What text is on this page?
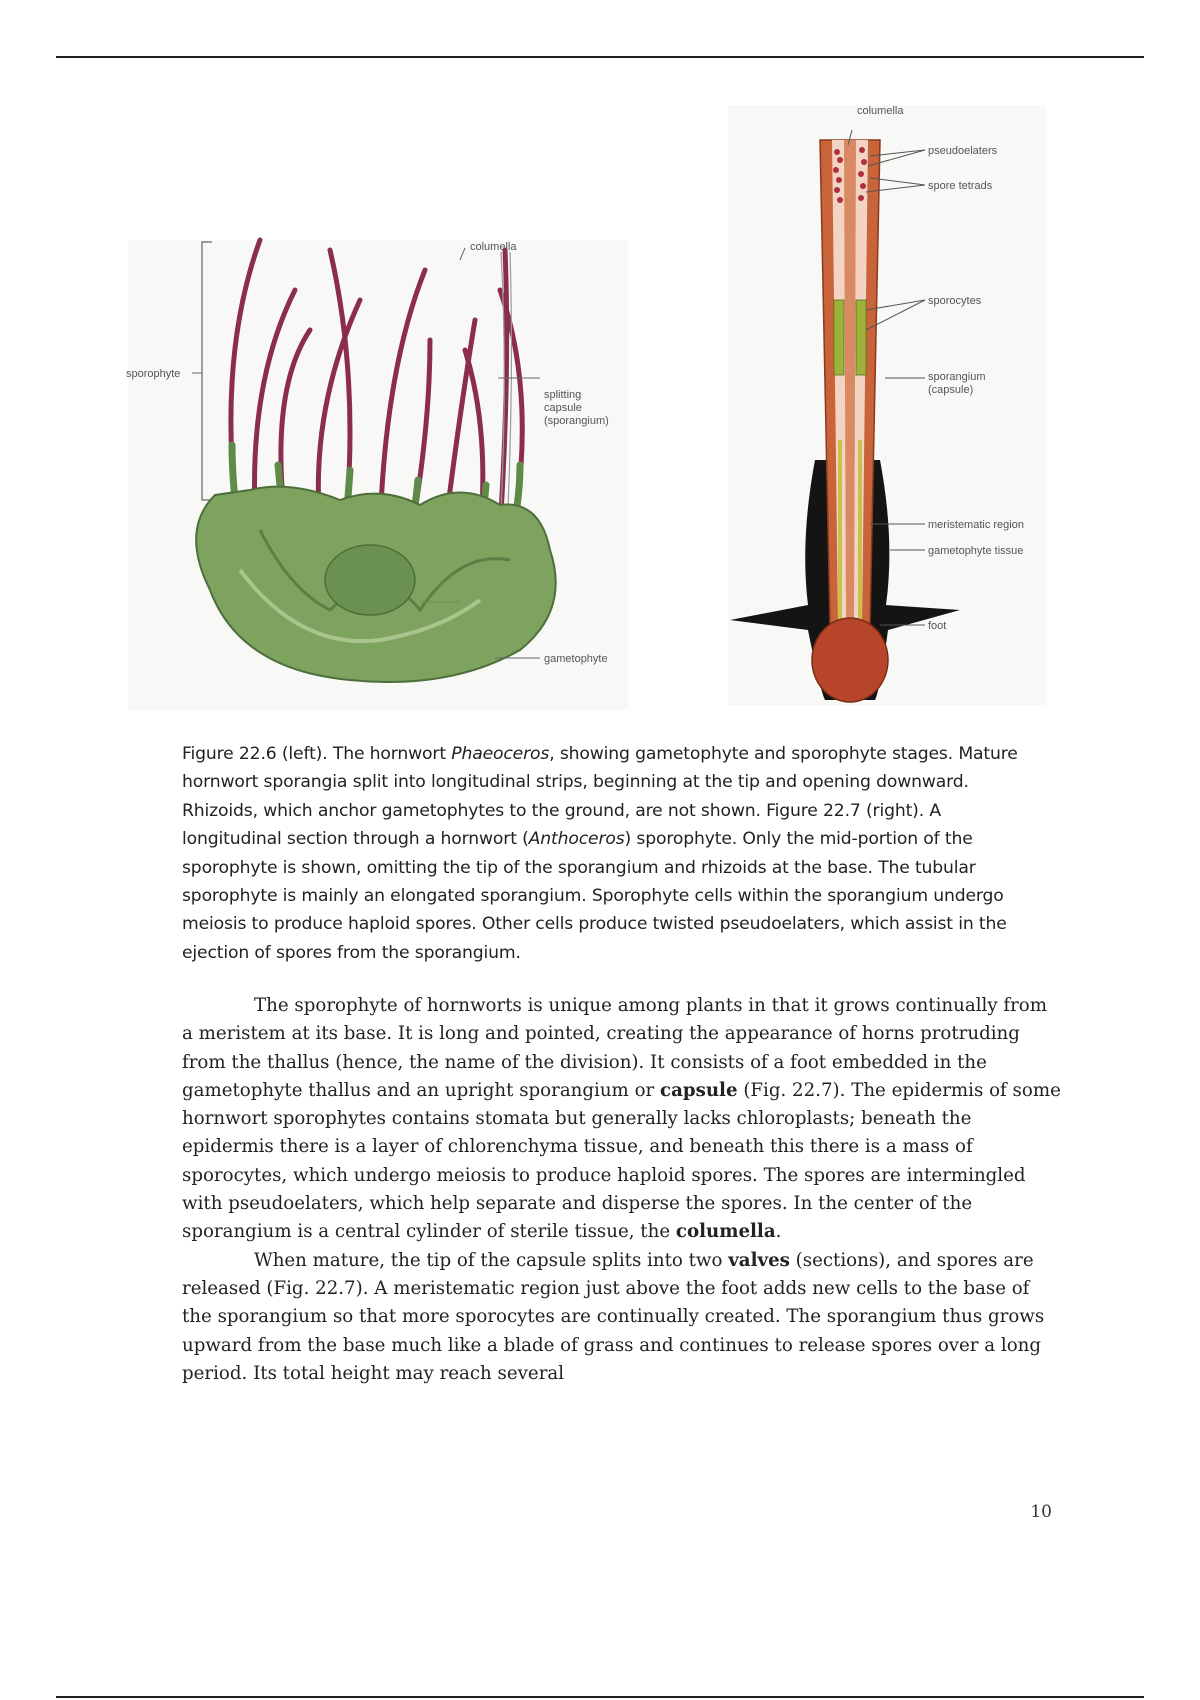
columella
sporophyte
splitting
capsule
(sporangium)
gametophyte
columella
pseudoelaters
spore tetrads
sporocytes
sporangium
(capsule)
meristematic region
gametophyte tissue
foot
Figure 22.6 (left). The hornwort Phaeoceros, showing gametophyte and sporophyte stages. Mature hornwort sporangia split into longitudinal strips, beginning at the tip and opening downward. Rhizoids, which anchor gametophytes to the ground, are not shown. Figure 22.7 (right). A longitudinal section through a hornwort (Anthoceros) sporophyte. Only the mid-portion of the sporophyte is shown, omitting the tip of the sporangium and rhizoids at the base. The tubular sporophyte is mainly an elongated sporangium. Sporophyte cells within the sporangium undergo meiosis to produce haploid spores. Other cells produce twisted pseudoelaters, which assist in the ejection of spores from the sporangium.

The sporophyte of hornworts is unique among plants in that it grows continually from a meristem at its base. It is long and pointed, creating the appearance of horns protruding from the thallus (hence, the name of the division). It consists of a foot embedded in the gametophyte thallus and an upright sporangium or capsule (Fig. 22.7). The epidermis of some hornwort sporophytes contains stomata but generally lacks chloroplasts; beneath the epidermis there is a layer of chlorenchyma tissue, and beneath this there is a mass of sporocytes, which undergo meiosis to produce haploid spores. The spores are intermingled with pseudoelaters, which help separate and disperse the spores. In the center of the sporangium is a central cylinder of sterile tissue, the columella.

When mature, the tip of the capsule splits into two valves (sections), and spores are released (Fig. 22.7). A meristematic region just above the foot adds new cells to the base of the sporangium so that more sporocytes are continually created. The sporangium thus grows upward from the base much like a blade of grass and continues to release spores over a long period. Its total height may reach several

10
